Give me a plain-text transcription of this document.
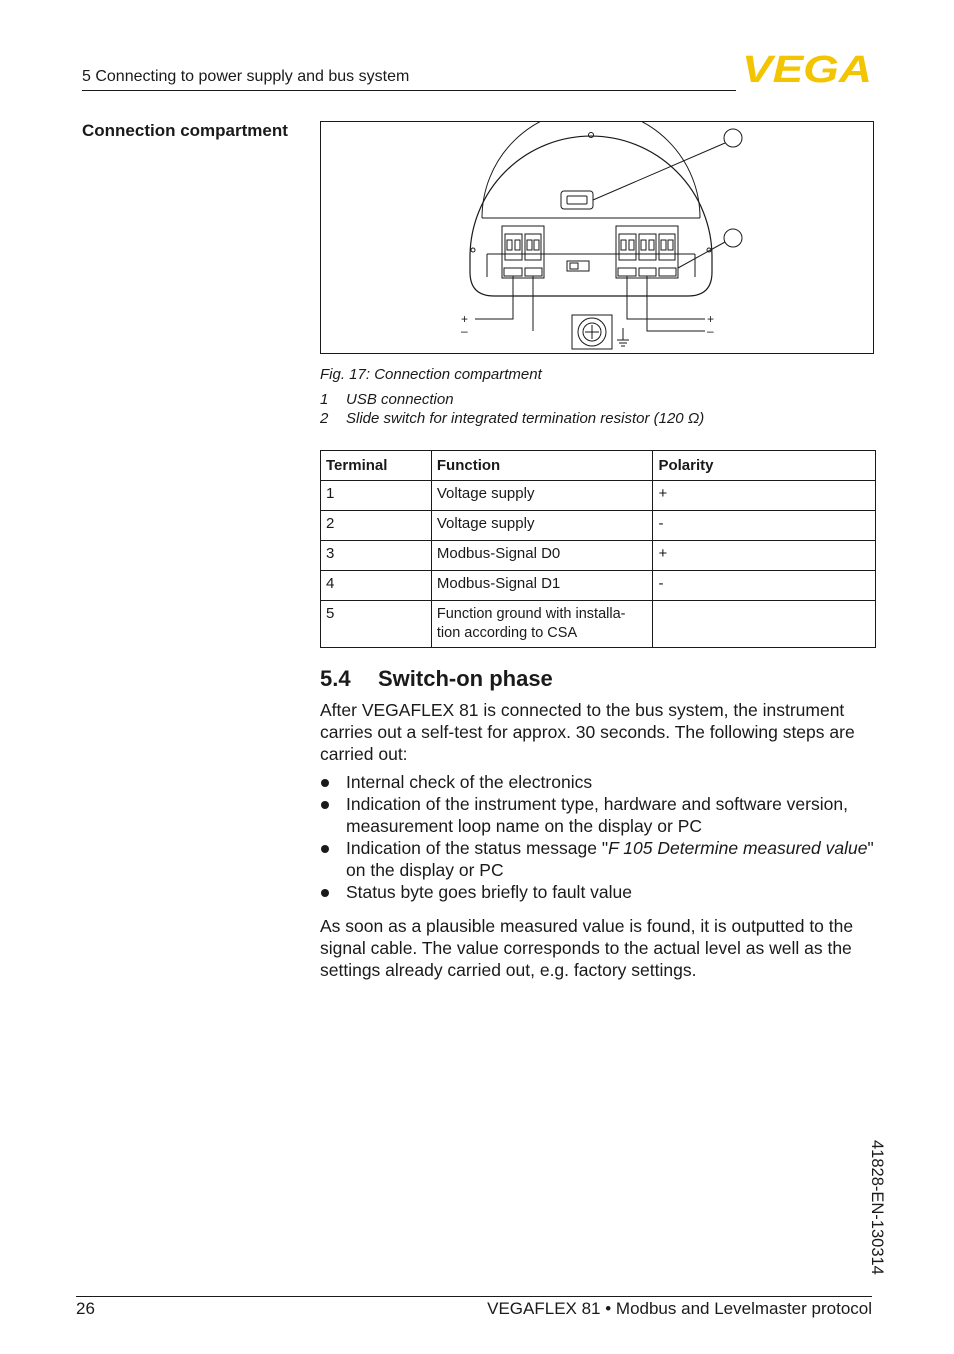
5 Connecting to power supply and bus system	VEGA
Connection compartment
+
–
+
–
Fig. 17: Connection compartment
1 USB connection
2 Slide switch for integrated termination resistor (120 Ω)
Terminal	Function	Polarity
1	Voltage supply	+
2	Voltage supply	-
3	Modbus-Signal D0	+
4	Modbus-Signal D1	-
5	Function ground with installa-
tion according to CSA	
5.4 Switch-on phase
After VEGAFLEX 81 is connected to the bus system, the instrument carries out a self-test for approx. 30 seconds. The following steps are carried out:
Internal check of the electronics
Indication of the instrument type, hardware and software version, measurement loop name on the display or PC
Indication of the status message "F 105 Determine measured value" on the display or PC
Status byte goes briefly to fault value
As soon as a plausible measured value is found, it is outputted to the signal cable. The value corresponds to the actual level as well as the settings already carried out, e.g. factory settings.
41828-EN-130314
26	VEGAFLEX 81 • Modbus and Levelmaster protocol
